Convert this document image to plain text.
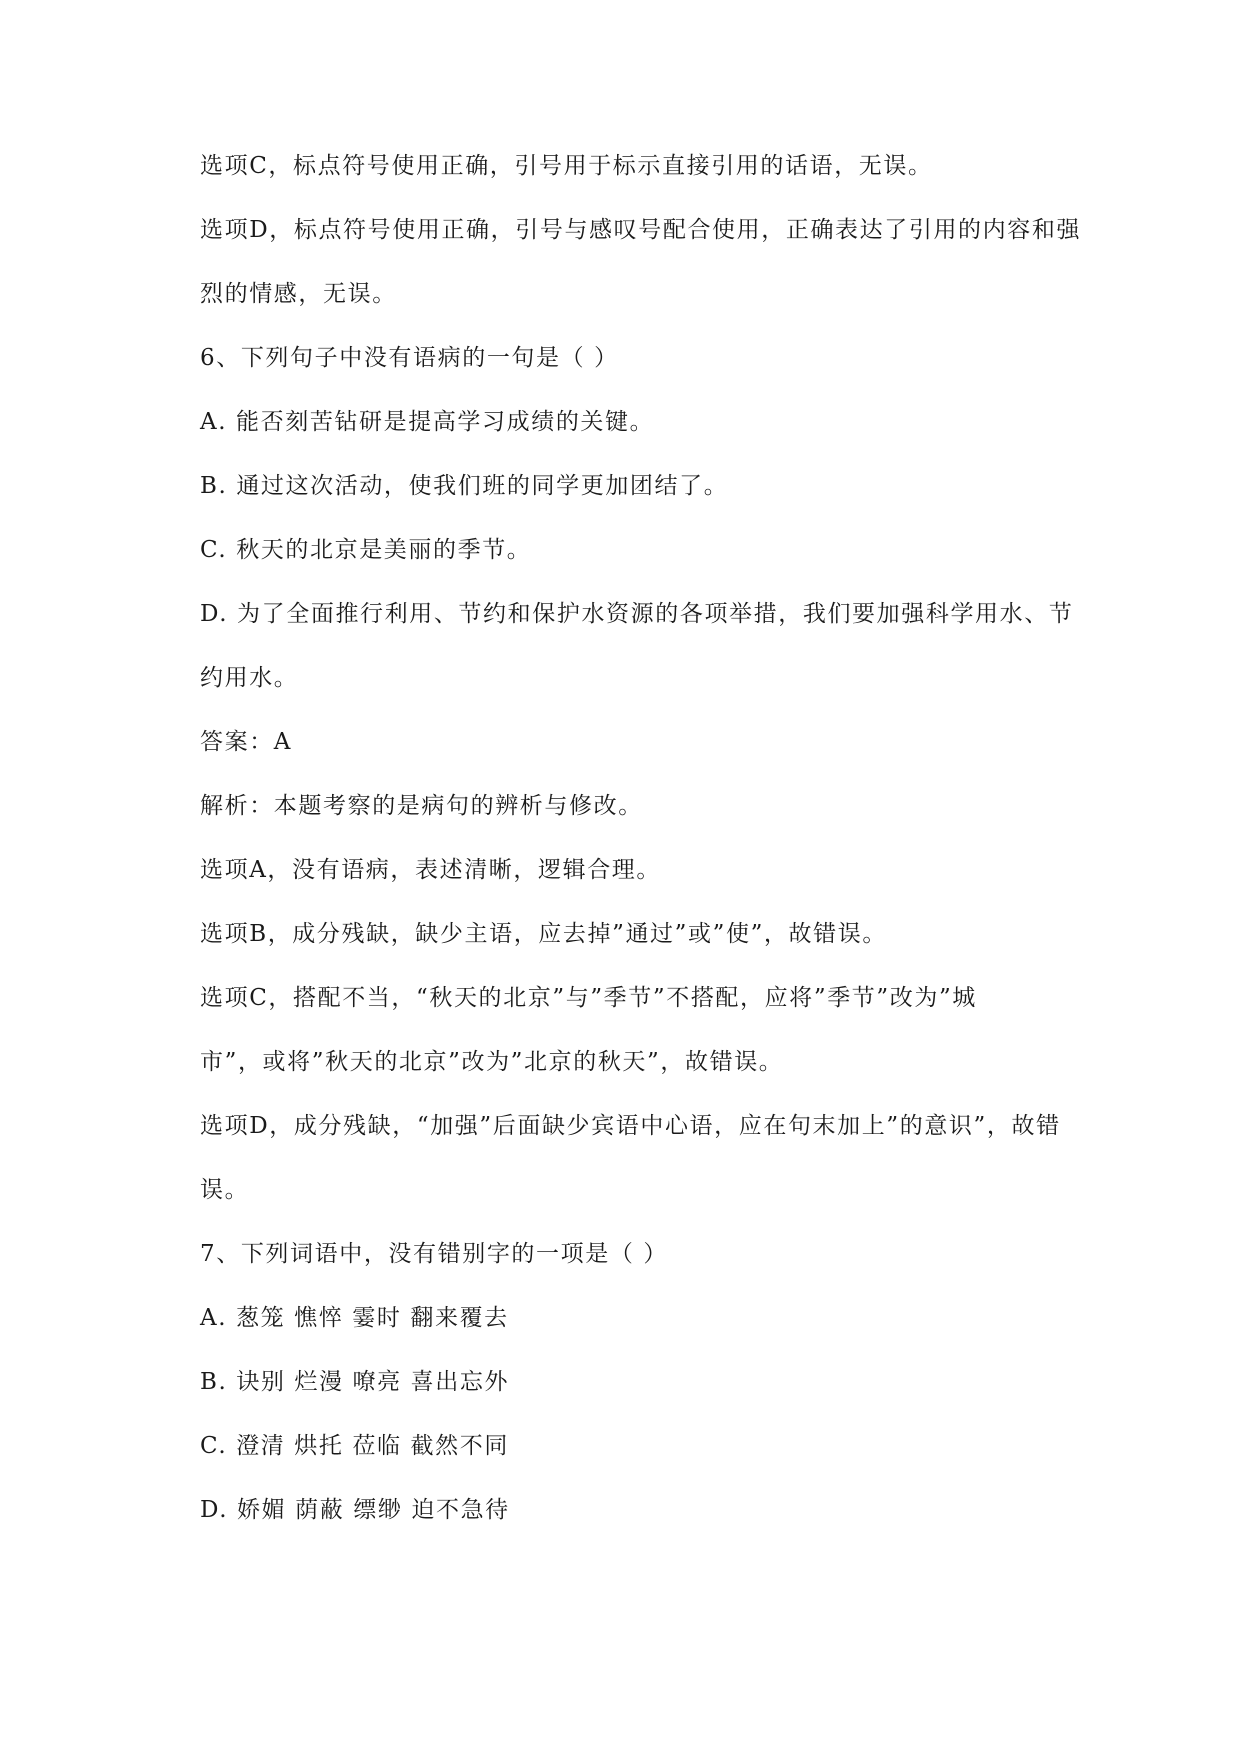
选项C，标点符号使用正确，引号用于标示直接引用的话语，无误。
选项D，标点符号使用正确，引号与感叹号配合使用，正确表达了引用的内容和强
烈的情感，无误。
6、下列句子中没有语病的一句是（ ）
A. 能否刻苦钻研是提高学习成绩的关键。
B. 通过这次活动，使我们班的同学更加团结了。
C. 秋天的北京是美丽的季节。
D. 为了全面推行利用、节约和保护水资源的各项举措，我们要加强科学用水、节
约用水。
答案：A
解析：本题考察的是病句的辨析与修改。
选项A，没有语病，表述清晰，逻辑合理。
选项B，成分残缺，缺少主语，应去掉”通过”或”使”，故错误。
选项C，搭配不当，“秋天的北京”与”季节”不搭配，应将”季节”改为”城
市”，或将”秋天的北京”改为”北京的秋天”，故错误。
选项D，成分残缺，“加强”后面缺少宾语中心语，应在句末加上”的意识”，故错
误。
7、下列词语中，没有错别字的一项是（ ）
A. 葱笼 憔悴 霎时 翻来覆去
B. 诀别 烂漫 嘹亮 喜出忘外
C. 澄清 烘托 莅临 截然不同
D. 娇媚 荫蔽 缥缈 迫不急待
